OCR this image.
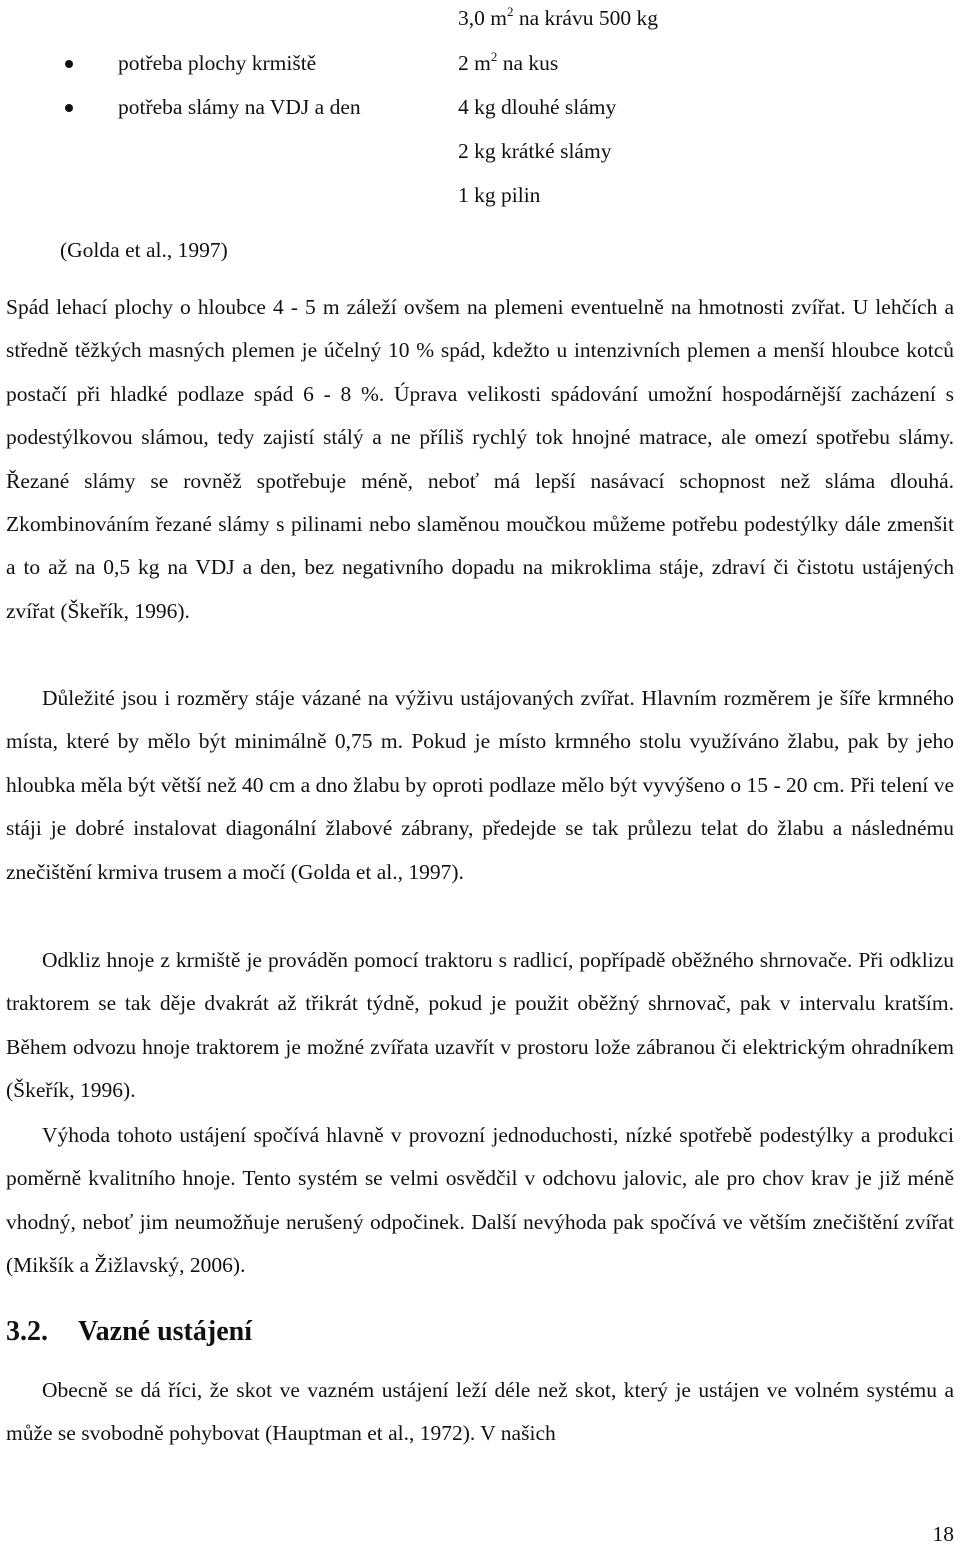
3,0 $m^2$ na krávu 500 kg
potřeba plochy krmiště	2 $m^2$ na kus
potřeba slámy na VDJ a den	4 kg dlouhé slámy
2 kg krátké slámy
1 kg pilin
(Golda et al., 1997)

Spád lehací plochy o hloubce 4 - 5 m záleží ovšem na plemeni eventuelně na hmotnosti zvířat. U lehčích a středně těžkých masných plemen je účelný 10 % spád, kdežto u intenzivních plemen a menší hloubce kotců postačí při hladké podlaze spád 6 - 8 %. Úprava velikosti spádování umožní hospodárnější zacházení s podestýlkovou slámou, tedy zajistí stálý a ne příliš rychlý tok hnojné matrace, ale omezí spotřebu slámy. Řezané slámy se rovněž spotřebuje méně, neboť má lepší nasávací schopnost než sláma dlouhá. Zkombinováním řezané slámy s pilinami nebo slaměnou moučkou můžeme potřebu podestýlky dále zmenšit a to až na 0,5 kg na VDJ a den, bez negativního dopadu na mikroklima stáje, zdraví či čistotu ustájených zvířat (Škeřík, 1996).

Důležité jsou i rozměry stáje vázané na výživu ustájovaných zvířat. Hlavním rozměrem je šíře krmného místa, které by mělo být minimálně 0,75 m. Pokud je místo krmného stolu využíváno žlabu, pak by jeho hloubka měla být větší než 40 cm a dno žlabu by oproti podlaze mělo být vyvýšeno o 15 - 20 cm. Při telení ve stáji je dobré instalovat diagonální žlabové zábrany, předejde se tak průlezu telat do žlabu a následnému znečištění krmiva trusem a močí (Golda et al., 1997).

Odkliz hnoje z krmiště je prováděn pomocí traktoru s radlicí, popřípadě oběžného shrnovače. Při odklizu traktorem se tak děje dvakrát až třikrát týdně, pokud je použit oběžný shrnovač, pak v intervalu kratším. Během odvozu hnoje traktorem je možné zvířata uzavřít v prostoru lože zábranou či elektrickým ohradníkem (Škeřík, 1996).

Výhoda tohoto ustájení spočívá hlavně v provozní jednoduchosti, nízké spotřebě podestýlky a produkci poměrně kvalitního hnoje. Tento systém se velmi osvědčil v odchovu jalovic, ale pro chov krav je již méně vhodný, neboť jim neumožňuje nerušený odpočinek. Další nevýhoda pak spočívá ve větším znečištění zvířat (Mikšík a Žižlavský, 2006).

3.2. Vazné ustájení

Obecně se dá říci, že skot ve vazném ustájení leží déle než skot, který je ustájen ve volném systému a může se svobodně pohybovat (Hauptman et al., 1972). V našich

18
